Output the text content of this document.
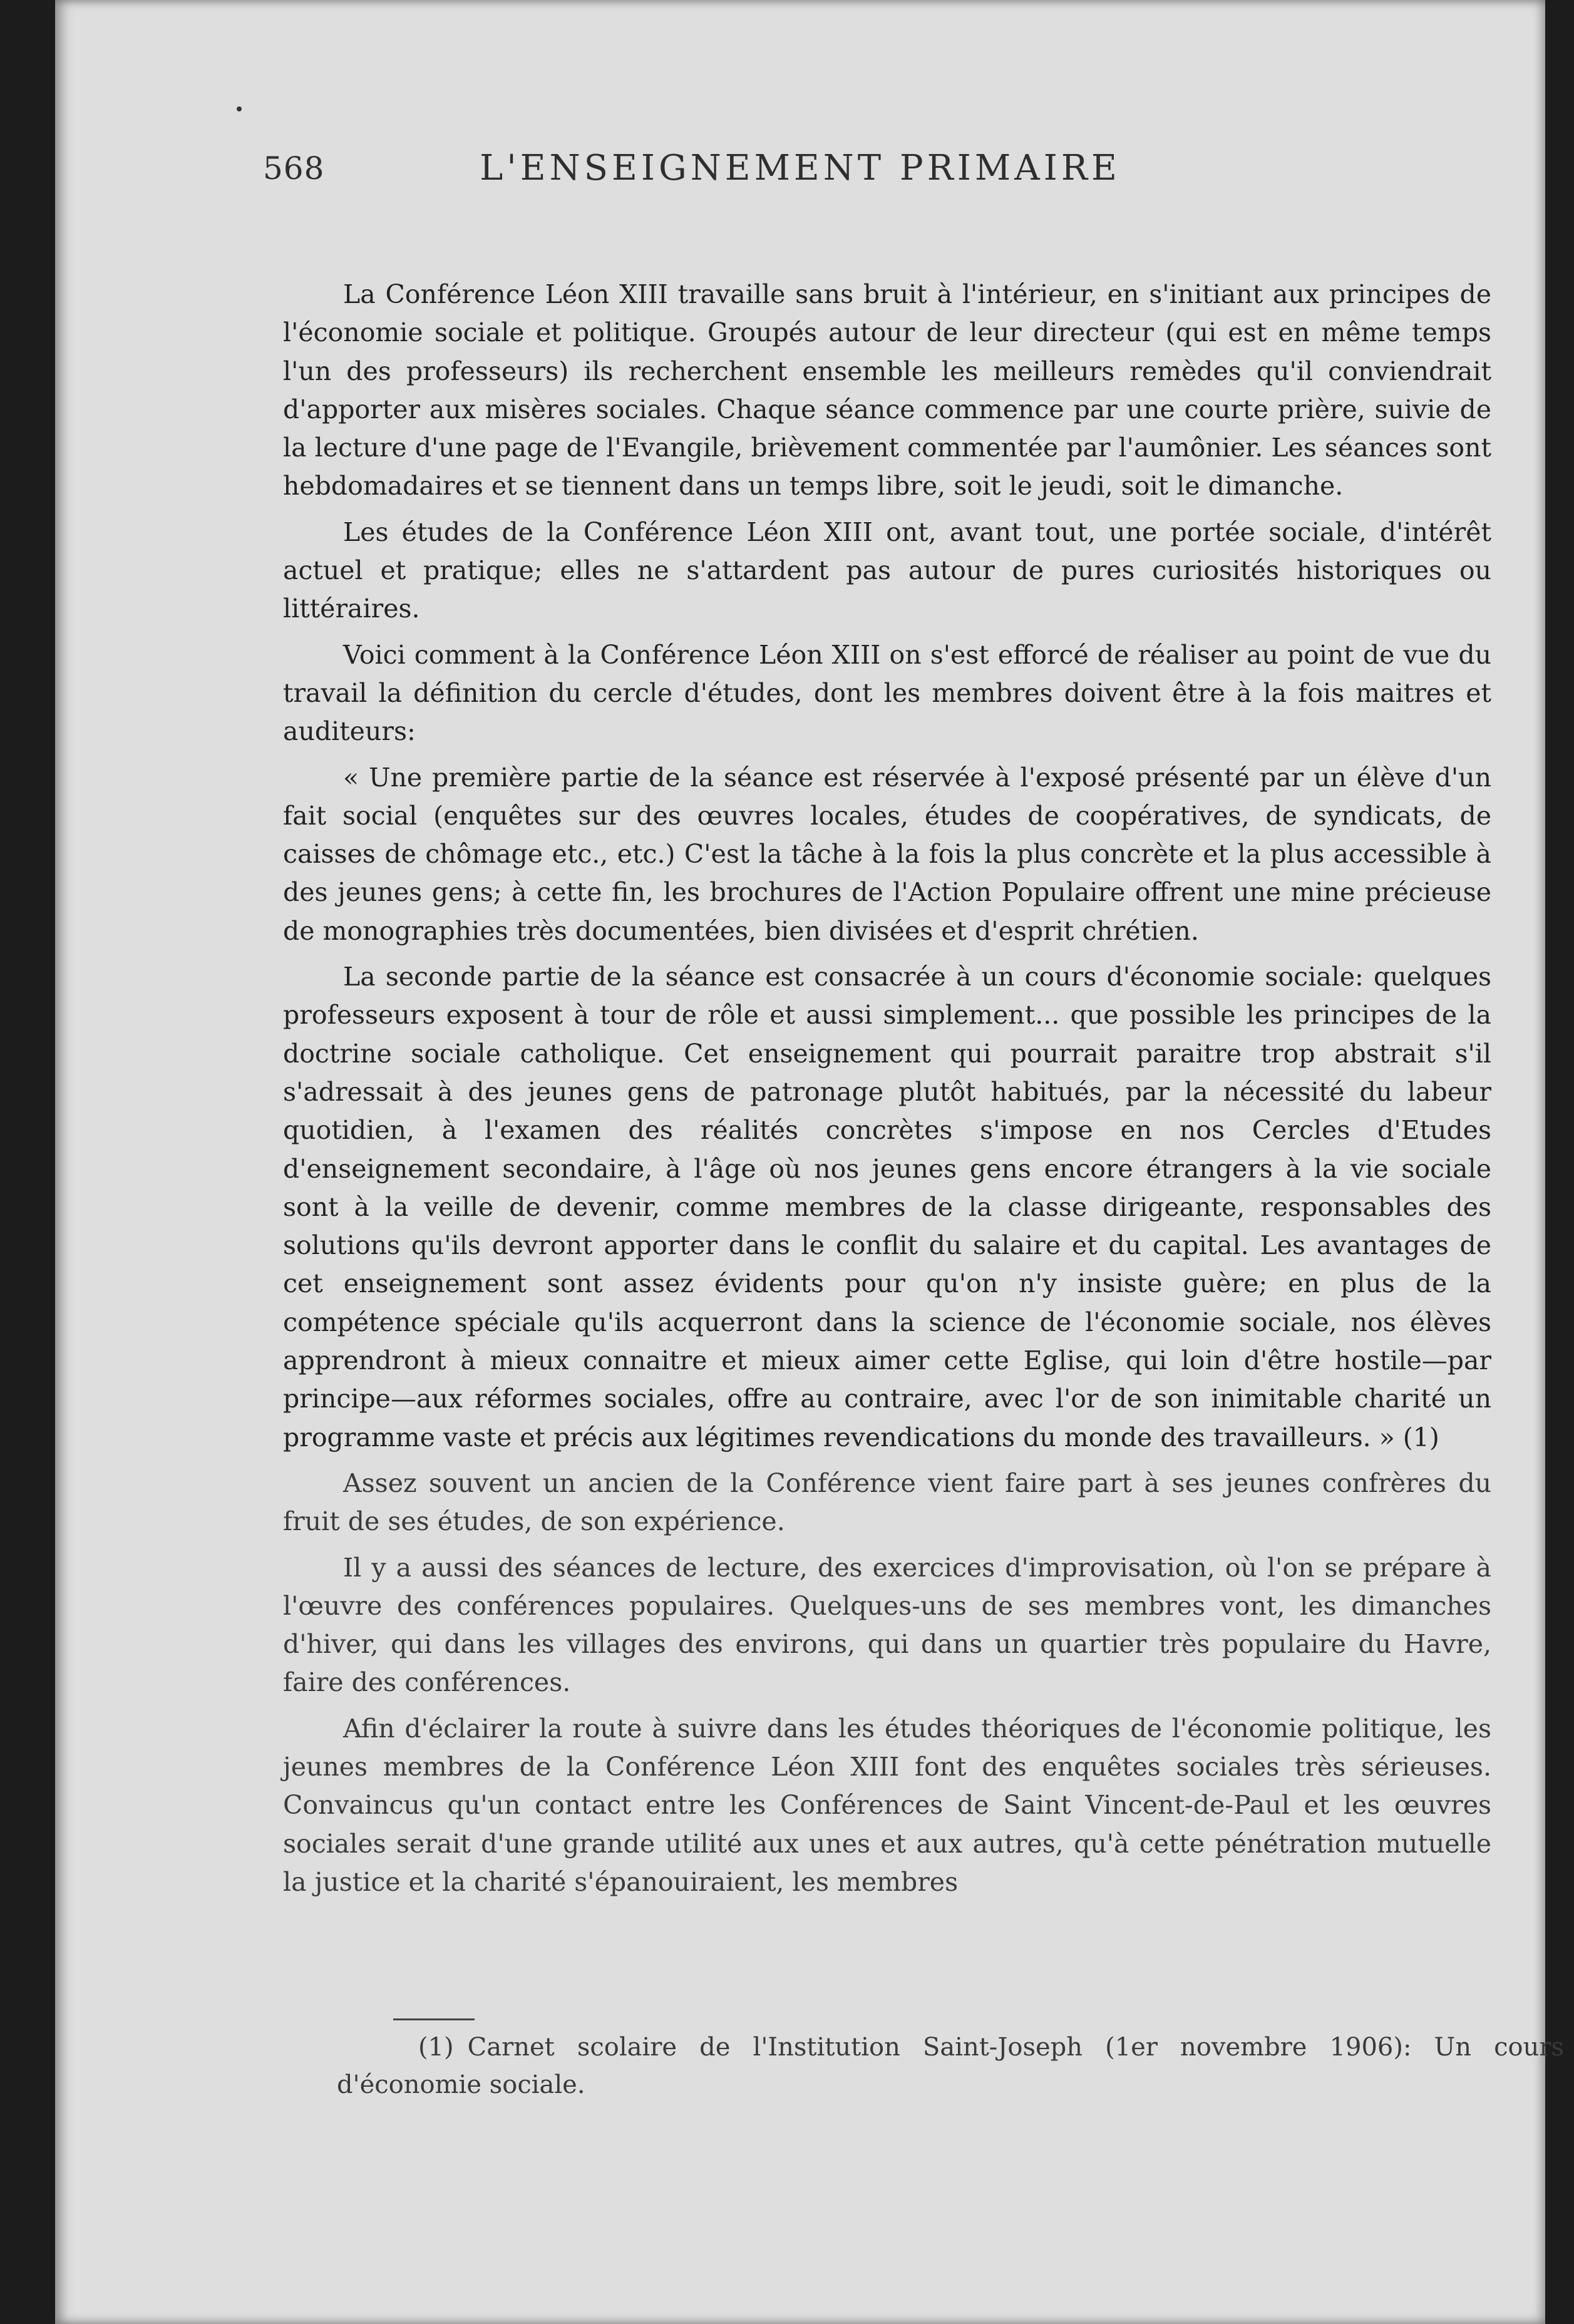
568	L'ENSEIGNEMENT PRIMAIRE

La Conférence Léon XIII travaille sans bruit à l'intérieur, en s'initiant aux principes de l'économie sociale et politique. Groupés autour de leur directeur (qui est en même temps l'un des professeurs) ils recherchent ensemble les meilleurs remèdes qu'il conviendrait d'apporter aux misères sociales. Chaque séance commence par une courte prière, suivie de la lecture d'une page de l'Evangile, brièvement commentée par l'aumônier. Les séances sont hebdomadaires et se tiennent dans un temps libre, soit le jeudi, soit le dimanche.

Les études de la Conférence Léon XIII ont, avant tout, une portée sociale, d'intérêt actuel et pratique; elles ne s'attardent pas autour de pures curiosités historiques ou littéraires.

Voici comment à la Conférence Léon XIII on s'est efforcé de réaliser au point de vue du travail la définition du cercle d'études, dont les membres doivent être à la fois maitres et auditeurs:

« Une première partie de la séance est réservée à l'exposé présenté par un élève d'un fait social (enquêtes sur des œuvres locales, études de coopératives, de syndicats, de caisses de chômage etc., etc.) C'est la tâche à la fois la plus concrète et la plus accessible à des jeunes gens; à cette fin, les brochures de l'Action Populaire offrent une mine précieuse de monographies très documentées, bien divisées et d'esprit chrétien.

La seconde partie de la séance est consacrée à un cours d'économie sociale: quelques professeurs exposent à tour de rôle et aussi simplement... que possible les principes de la doctrine sociale catholique. Cet enseignement qui pourrait paraitre trop abstrait s'il s'adressait à des jeunes gens de patronage plutôt habitués, par la nécessité du labeur quotidien, à l'examen des réalités concrètes s'impose en nos Cercles d'Etudes d'enseignement secondaire, à l'âge où nos jeunes gens encore étrangers à la vie sociale sont à la veille de devenir, comme membres de la classe dirigeante, responsables des solutions qu'ils devront apporter dans le conflit du salaire et du capital. Les avantages de cet enseignement sont assez évidents pour qu'on n'y insiste guère; en plus de la compétence spéciale qu'ils acquerront dans la science de l'économie sociale, nos élèves apprendront à mieux connaitre et mieux aimer cette Eglise, qui loin d'être hostile—par principe—aux réformes sociales, offre au contraire, avec l'or de son inimitable charité un programme vaste et précis aux légitimes revendications du monde des travailleurs. » (1)

Assez souvent un ancien de la Conférence vient faire part à ses jeunes confrères du fruit de ses études, de son expérience.

Il y a aussi des séances de lecture, des exercices d'improvisation, où l'on se prépare à l'œuvre des conférences populaires. Quelques-uns de ses membres vont, les dimanches d'hiver, qui dans les villages des environs, qui dans un quartier très populaire du Havre, faire des conférences.

Afin d'éclairer la route à suivre dans les études théoriques de l'économie politique, les jeunes membres de la Conférence Léon XIII font des enquêtes sociales très sérieuses. Convaincus qu'un contact entre les Conférences de Saint Vincent-de-Paul et les œuvres sociales serait d'une grande utilité aux unes et aux autres, qu'à cette pénétration mutuelle la justice et la charité s'épanouiraient, les membres

(1) Carnet scolaire de l'Institution Saint-Joseph (1er novembre 1906): Un cours d'économie sociale.
